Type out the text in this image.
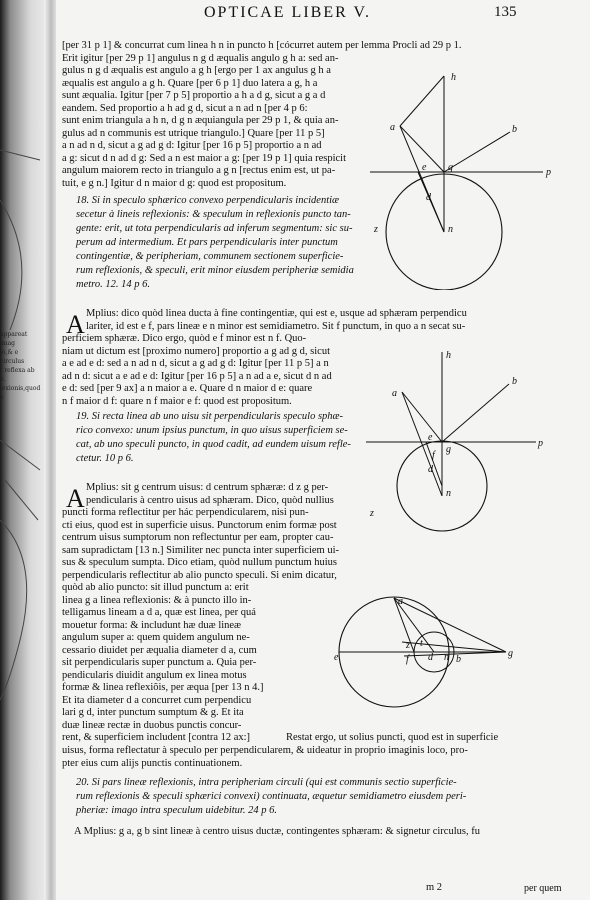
appareat imag
lo,& e circulus
t reflexa ab e.
lexionis,quod e
OPTICAE LIBER V.	135
[per 31 p 1] & concurrat cum linea h n in puncto h [cócurret autem per lemma Procli ad 29 p 1.
Erit igitur [per 29 p 1] angulus n g d æqualis angulo g h a: sed an-
gulus n g d æqualis est angulo a g h [ergo per 1 ax angulus g h a
æqualis est angulo a g h. Quare [per 6 p 1] duo latera a g, h a
sunt æqualia. Igitur [per 7 p 5] proportio a h a d g, sicut a g a d
eandem. Sed proportio a h ad g d, sicut a n ad n [per 4 p 6:
sunt enim triangula a h n, d g n æquiangula per 29 p 1, & quia an-
gulus ad n communis est utrique triangulo.] Quare [per 11 p 5]
a n ad n d, sicut a g ad g d: Igitur [per 16 p 5] proportio a n ad
a g: sicut d n ad d g: Sed a n est maior a g: [per 19 p 1] quia respicit
angulum maiorem recto in triangulo a g n [rectus enim est, ut pa-
tuit, e g n.] Igitur d n maior d g: quod est propositum.
h
b
a
e g	p
d
n
z
18. Si in speculo sphærico convexo perpendicularis incidentiæ
secetur à lineis reflexionis: & speculum in reflexionis puncto tan-
gente: erit, ut tota perpendicularis ad inferum segmentum: sic su-
perum ad intermedium. Et pars perpendicularis inter punctum
contingentiæ, & peripheriam, communem sectionem superficie-
rum reflexionis, & speculi, erit minor eiusdem peripheriæ semidia
metro. 12. 14 p 6.
A Mplius: dico quòd linea ducta à fine contingentiæ, qui est e, usque ad sphæram perpendicu
lariter, id est e f, pars lineæ e n minor est semidiametro. Sit f punctum, in quo a n secat su-
perficiem sphæræ. Dico ergo, quòd e f minor est n f. Quo-
niam ut dictum est [proximo numero] proportio a g ad g d, sicut
a e ad e d: sed a n ad n d, sicut a g ad g d: Igitur [per 11 p 5] a n
ad n d: sicut a e ad e d: Igitur [per 16 p 5] a n ad a e, sicut d n ad
e d: sed [per 9 ax] a n maior a e. Quare d n maior d e: quare
n f maior d f: quare n f maior e f: quod est propositum.
h
b
a
e
g
p
f
d
n
z
19. Si recta linea ab uno uisu sit perpendicularis speculo sphæ-
rico convexo: unum ipsius punctum, in quo uisus superficiem se-
cat, ab uno speculi puncto, in quod cadit, ad eundem uisum refle-
ctetur. 10 p 6.
A Mplius: sit g centrum uisus: d centrum sphæræ: d z g per-
pendicularis à centro uisus ad sphæram. Dico, quòd nullius
puncti forma reflectitur per hác perpendicularem, nisi pun-
cti eius, quod est in superficie uisus. Punctorum enim formæ post
centrum uisus sumptorum non reflectuntur per eam, propter cau-
sam supradictam [13 n.] Similiter nec puncta inter superficiem ui-
sus & speculum sumpta. Dico etiam, quòd nullum punctum huius
perpendicularis reflectitur ab alio puncto speculi. Si enim dicatur,
quòd ab alio puncto: sit illud punctum a: erit
linea g a linea reflexionis: & à puncto illo in-
telligamus lineam a d a, quæ est linea, per quá
mouetur forma: & includunt hæ duæ lineæ
angulum super a: quem quidem angulum ne-
cessario diuidet per æqualia diameter d a, cum
sit perpendicularis super punctum a. Quia per-
pendicularis diuidit angulum ex linea motus
formæ & linea reflexiõis, per æqua [per 13 n 4.]
Et ita diameter d a concurret cum perpendicu
lari g d, inter punctum sumptum & g. Et ita
duæ lineæ rectæ in duobus punctis concur-
rent, & superficiem includent [contra 12 ax:]	Restat ergo, ut solius puncti, quod est in superficie
uisus, forma reflectatur à speculo per perpendicularem, & uideatur in proprio imaginis loco, pro-
pter eius cum alijs punctis continuationem.
a
e
z t
d n b
g
f
20. Si pars lineæ reflexionis, intra peripheriam circuli (qui est communis sectio superficie-
rum reflexionis & speculi sphærici convexi) continuata, æquetur semidiametro eiusdem peri-
pheriæ: imago intra speculum uidebitur. 24 p 6.
A Mplius: g a, g b sint lineæ à centro uisus ductæ, contingentes sphæram: & signetur circulus, fu
m 2	per quem
